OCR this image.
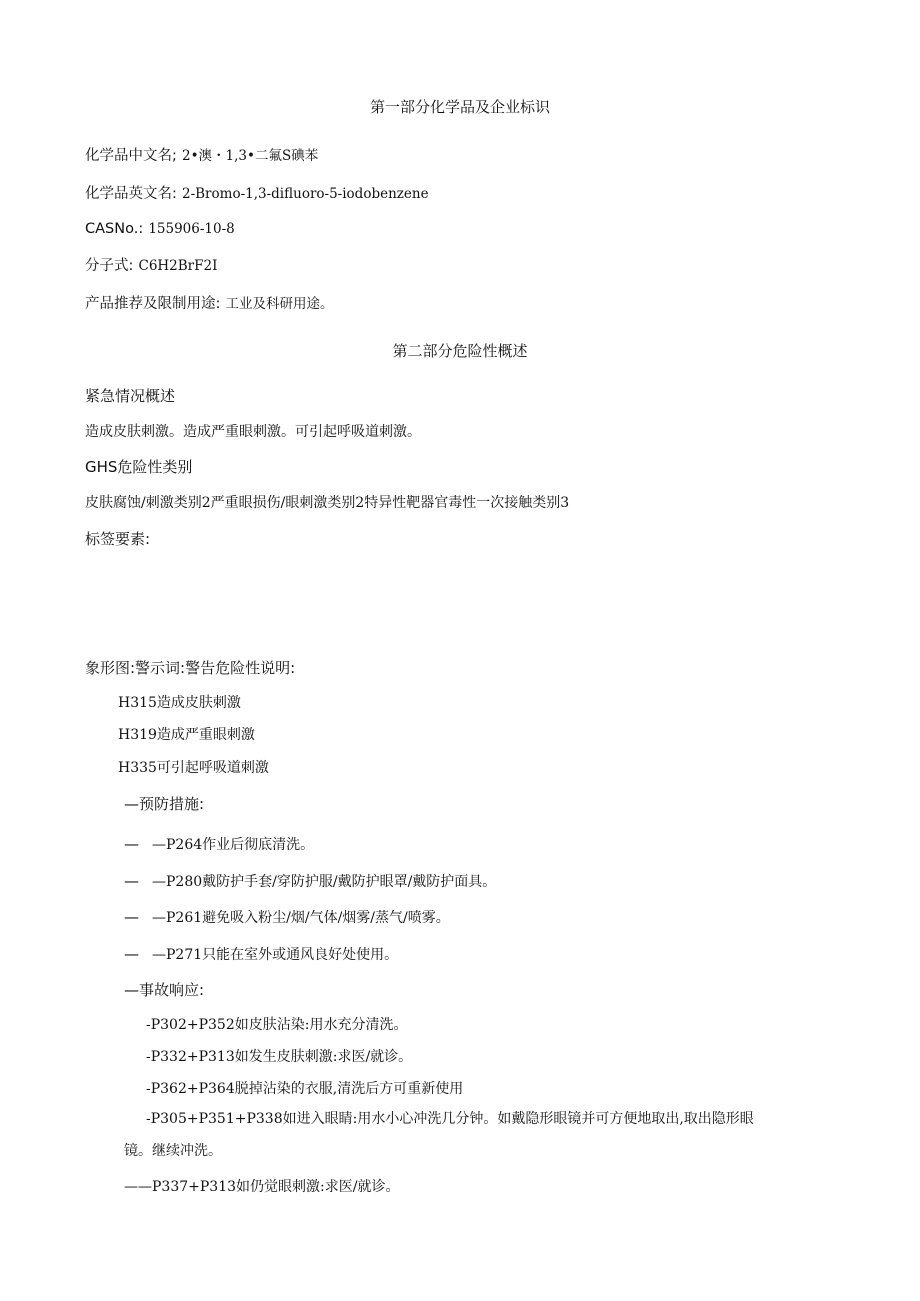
第一部分化学品及企业标识
化学品中文名; 2•澳・1,3•二氟S碘苯
化学品英文名: 2-Bromo-1,3-difluoro-5-iodobenzene
CASNo.: 155906-10-8
分子式: C6H2BrF2I
产品推荐及限制用途: 工业及科研用途。
第二部分危险性概述
紧急情况概述
造成皮肤刺激。造成严重眼刺激。可引起呼吸道刺激。
GHS危险性类别
皮肤腐蚀/刺激类别2严重眼损伤/眼刺激类别2特异性靶器官毒性一次接触类别3
标签要素:
象形图:警示词:警告危险性说明:
H315造成皮肤刺激
H319造成严重眼刺激
H335可引起呼吸道刺激
—预防措施:
— —P264作业后彻底清洗。
— —P280戴防护手套/穿防护服/戴防护眼罩/戴防护面具。
— —P261避免吸入粉尘/烟/气体/烟雾/蒸气/喷雾。
— —P271只能在室外或通风良好处使用。
—事故响应:
-P302+P352如皮肤沾染:用水充分清洗。
-P332+P313如发生皮肤刺激:求医/就诊。
-P362+P364脱掉沾染的衣服,清洗后方可重新使用
-P305+P351+P338如进入眼睛:用水小心冲洗几分钟。如戴隐形眼镜并可方便地取出,取出隐形眼
镜。继续冲洗。
——P337+P313如仍觉眼刺激:求医/就诊。
